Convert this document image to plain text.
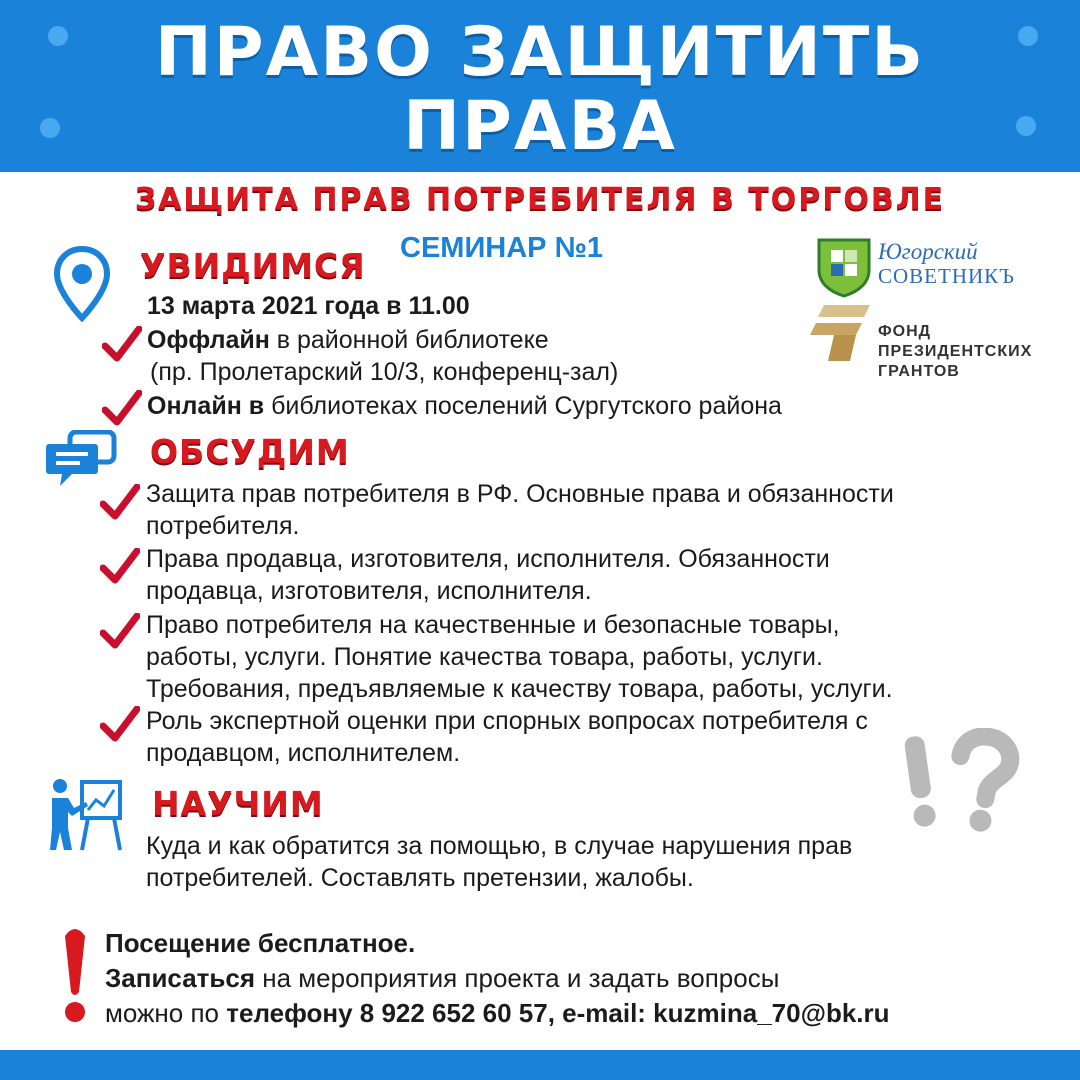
ПРАВО ЗАЩИТИТЬ
ПРАВА
ЗАЩИТА ПРАВ ПОТРЕБИТЕЛЯ В ТОРГОВЛЕ
СЕМИНАР №1	Югорский
СОВЕТНИКЪ
ФОНД
ПРЕЗИДЕНТСКИХ
ГРАНТОВ
УВИДИМСЯ
13 марта 2021 года в 11.00
Оффлайн в районной библиотеке
(пр. Пролетарский 10/3, конференц-зал)
Онлайн в библиотеках поселений Сургутского района
ОБСУДИМ
Защита прав потребителя в РФ. Основные права и обязанности
потребителя.
Права продавца, изготовителя, исполнителя. Обязанности
продавца, изготовителя, исполнителя.
Право потребителя на качественные и безопасные товары,
работы, услуги. Понятие качества товара, работы, услуги.
Требования, предъявляемые к качеству товара, работы, услуги.
Роль экспертной оценки при спорных вопросах потребителя с
продавцом, исполнителем.
НАУЧИМ
Куда и как обратится за помощью, в случае нарушения прав
потребителей. Составлять претензии, жалобы.
Посещение бесплатное.
Записаться на мероприятия проекта и задать вопросы
можно по телефону 8 922 652 60 57, e-mail: kuzmina_70@bk.ru
